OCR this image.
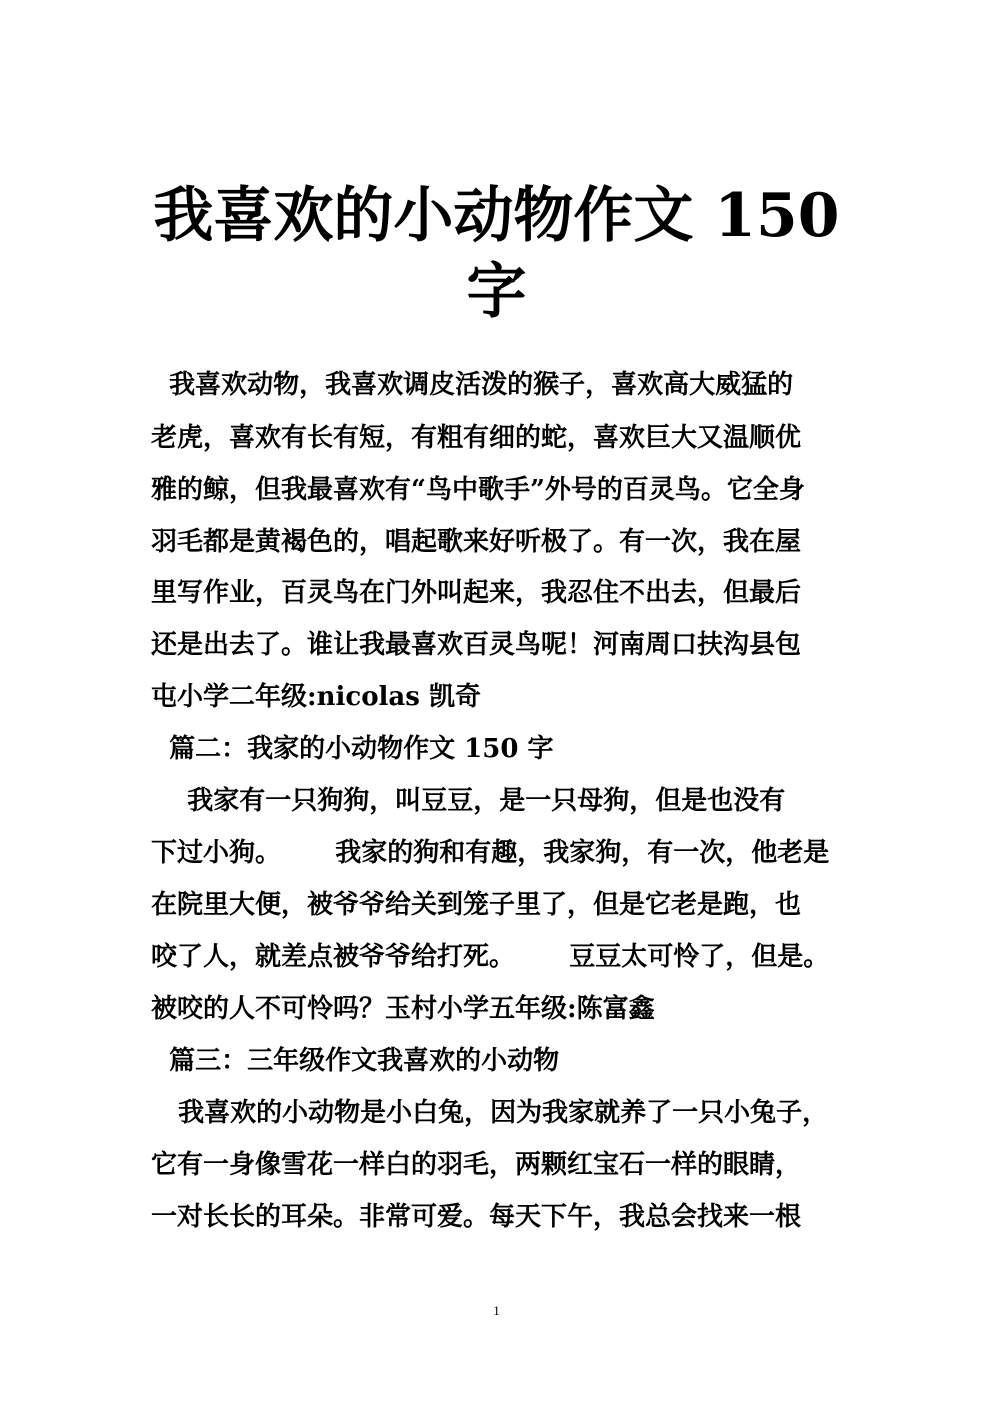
我喜欢的小动物作文 150
字
我喜欢动物，我喜欢调皮活泼的猴子，喜欢高大威猛的
老虎，喜欢有长有短，有粗有细的蛇，喜欢巨大又温顺优
雅的鲸，但我最喜欢有“鸟中歌手”外号的百灵鸟。它全身
羽毛都是黄褐色的，唱起歌来好听极了。有一次，我在屋
里写作业，百灵鸟在门外叫起来，我忍住不出去，但最后
还是出去了。谁让我最喜欢百灵鸟呢！河南周口扶沟县包
屯小学二年级:nicolas 凯奇
篇二：我家的小动物作文 150 字
我家有一只狗狗，叫豆豆，是一只母狗，但是也没有
下过小狗。      我家的狗和有趣，我家狗，有一次，他老是
在院里大便，被爷爷给关到笼子里了，但是它老是跑，也
咬了人，就差点被爷爷给打死。      豆豆太可怜了，但是。
被咬的人不可怜吗？玉村小学五年级:陈富鑫
篇三：三年级作文我喜欢的小动物
我喜欢的小动物是小白兔，因为我家就养了一只小兔子，
它有一身像雪花一样白的羽毛，两颗红宝石一样的眼睛，
一对长长的耳朵。非常可爱。每天下午，我总会找来一根
1
